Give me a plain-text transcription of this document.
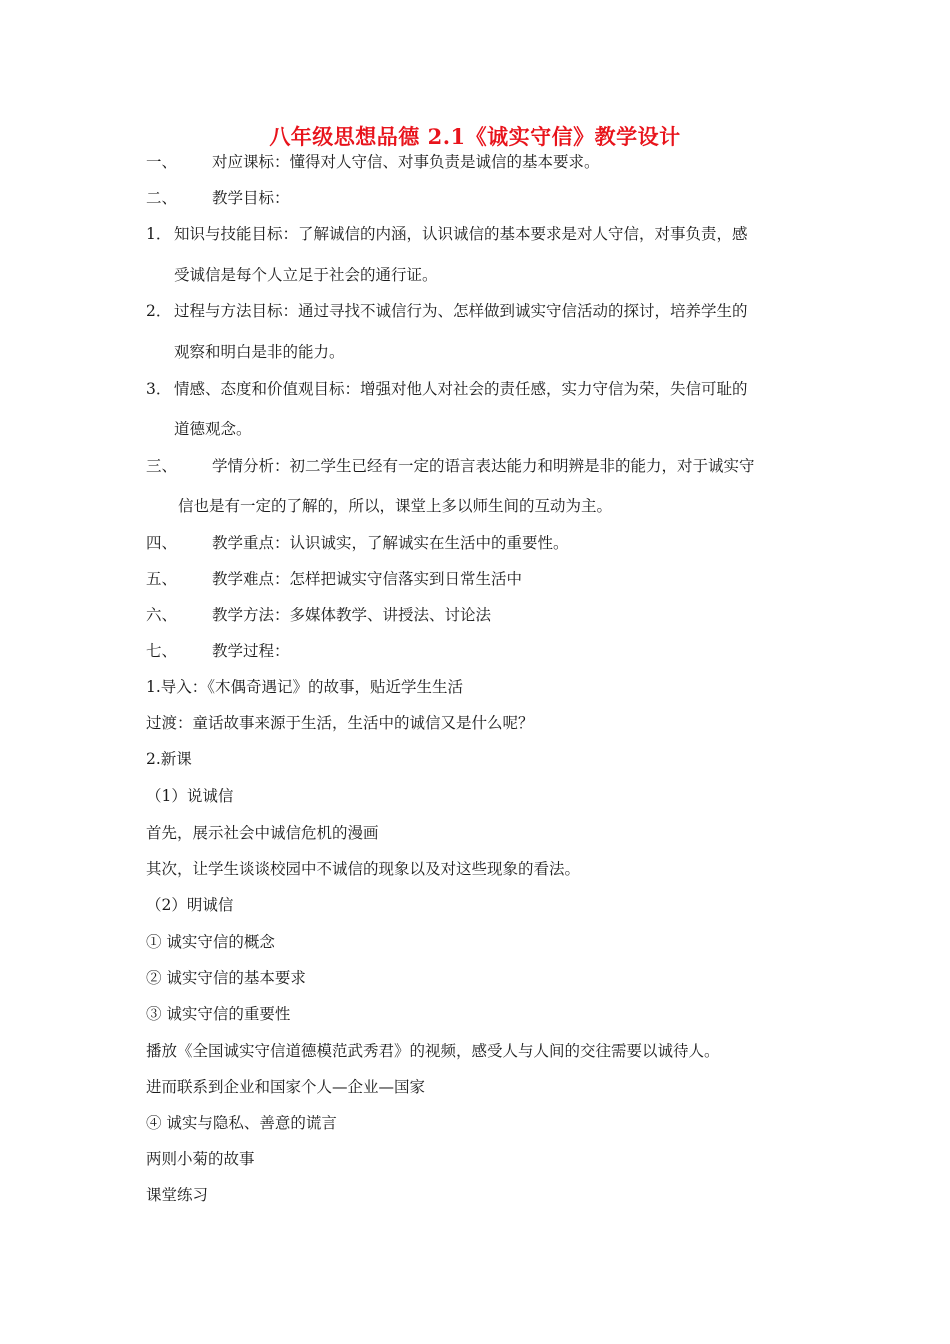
八年级思想品德 2.1《诚实守信》教学设计
一、 对应课标：懂得对人守信、对事负责是诚信的基本要求。
二、 教学目标：
1． 知识与技能目标：了解诚信的内涵，认识诚信的基本要求是对人守信，对事负责，感
受诚信是每个人立足于社会的通行证。
2． 过程与方法目标：通过寻找不诚信行为、怎样做到诚实守信活动的探讨，培养学生的
观察和明白是非的能力。
3． 情感、态度和价值观目标：增强对他人对社会的责任感，实力守信为荣，失信可耻的
道德观念。
三、 学情分析：初二学生已经有一定的语言表达能力和明辨是非的能力，对于诚实守
信也是有一定的了解的，所以，课堂上多以师生间的互动为主。
四、 教学重点：认识诚实，了解诚实在生活中的重要性。
五、 教学难点：怎样把诚实守信落实到日常生活中
六、 教学方法：多媒体教学、讲授法、讨论法
七、 教学过程：
1.导入：《木偶奇遇记》的故事，贴近学生生活
过渡：童话故事来源于生活，生活中的诚信又是什么呢？
2.新课
（1）说诚信
首先，展示社会中诚信危机的漫画
其次，让学生谈谈校园中不诚信的现象以及对这些现象的看法。
（2）明诚信
① 诚实守信的概念
② 诚实守信的基本要求
③ 诚实守信的重要性
播放《全国诚实守信道德模范武秀君》的视频，感受人与人间的交往需要以诚待人。
进而联系到企业和国家个人—企业—国家
④ 诚实与隐私、善意的谎言
两则小菊的故事
课堂练习
